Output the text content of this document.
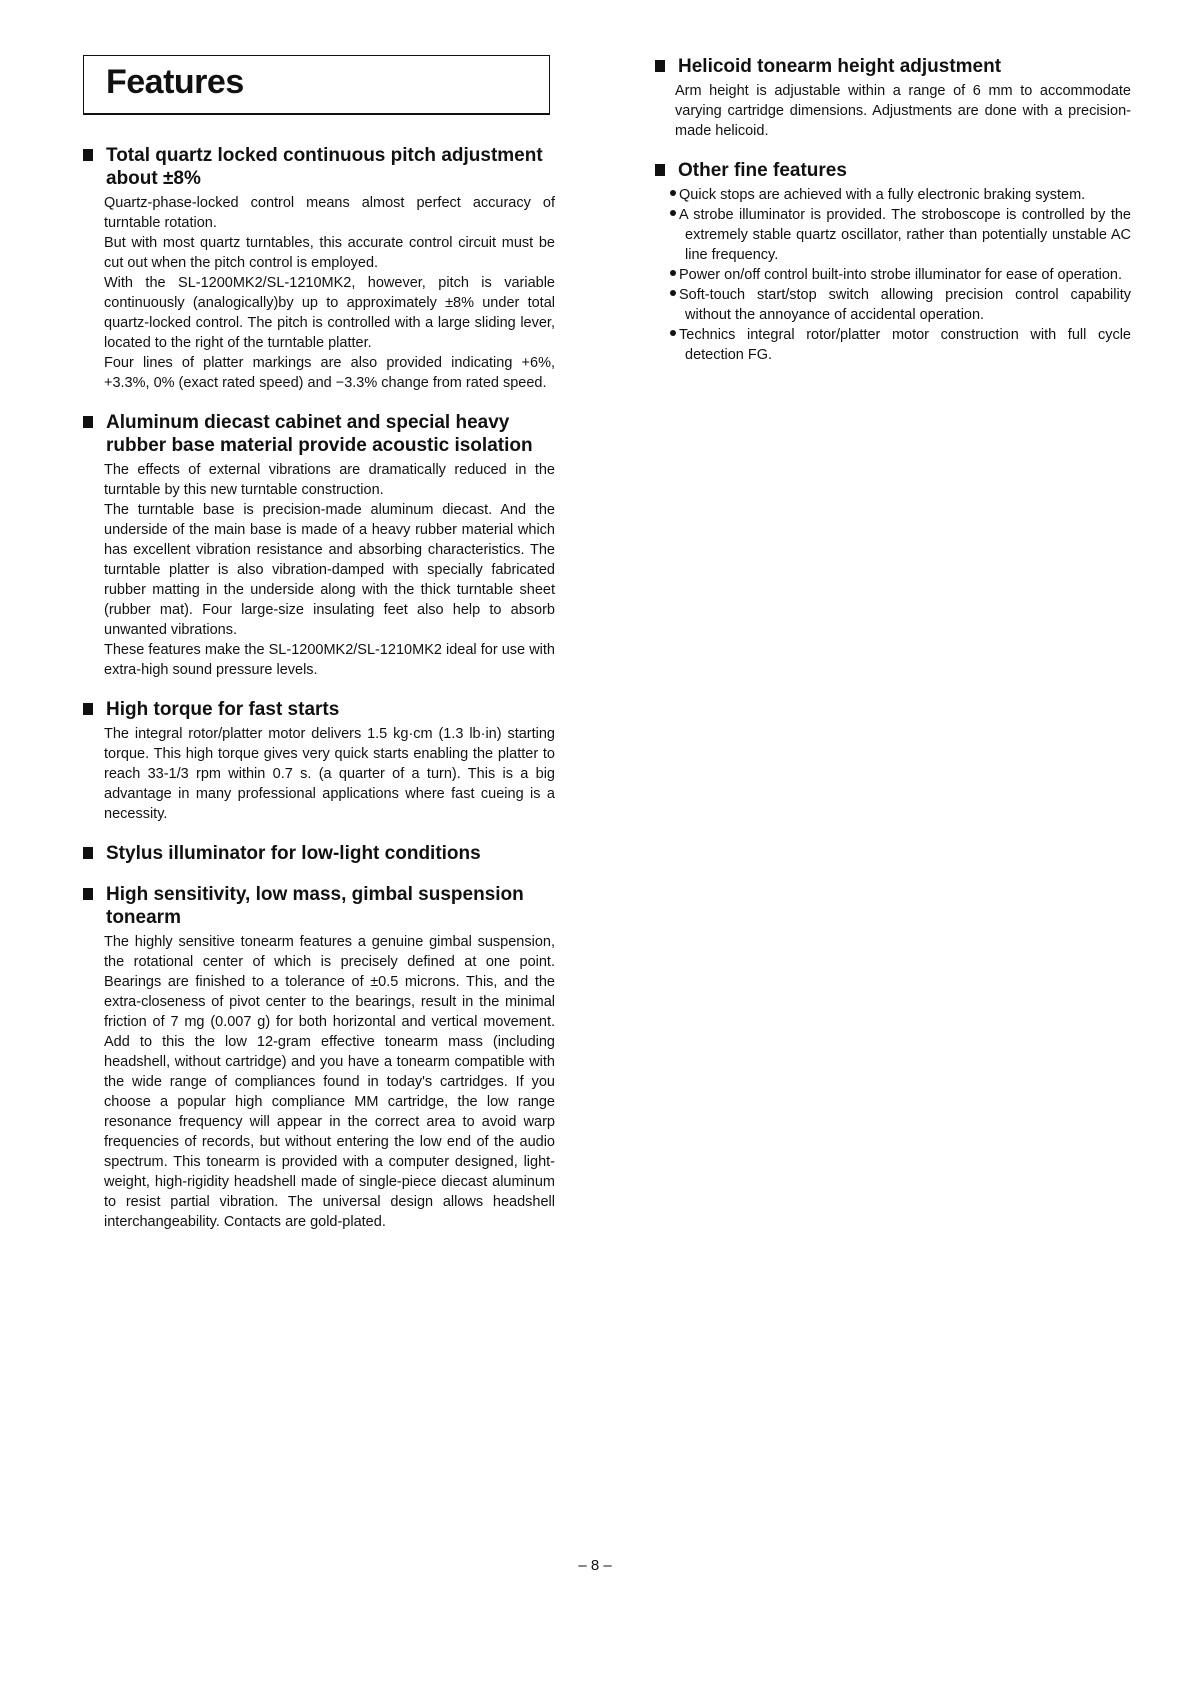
Features
Total quartz locked continuous pitch adjustment about ±8%

Quartz-phase-locked control means almost perfect accuracy of turntable rotation.

But with most quartz turntables, this accurate control circuit must be cut out when the pitch control is employed.

With the SL-1200MK2/SL-1210MK2, however, pitch is variable continuously (analogically)by up to approximately ±8% under total quartz-locked control. The pitch is controlled with a large sliding lever, located to the right of the turntable platter.

Four lines of platter markings are also provided indicating +6%, +3.3%, 0% (exact rated speed) and −3.3% change from rated speed.

Aluminum diecast cabinet and special heavy rubber base material provide acoustic isolation

The effects of external vibrations are dramatically reduced in the turntable by this new turntable construction.

The turntable base is precision-made aluminum diecast. And the underside of the main base is made of a heavy rubber material which has excellent vibration resistance and absorbing characteristics. The turntable platter is also vibration-damped with specially fabricated rubber matting in the underside along with the thick turntable sheet (rubber mat). Four large-size insulating feet also help to absorb unwanted vibrations.

These features make the SL-1200MK2/SL-1210MK2 ideal for use with extra-high sound pressure levels.

High torque for fast starts

The integral rotor/platter motor delivers 1.5 kg·cm (1.3 lb·in) starting torque. This high torque gives very quick starts enabling the platter to reach 33-1/3 rpm within 0.7 s. (a quarter of a turn). This is a big advantage in many professional applications where fast cueing is a necessity.

Stylus illuminator for low-light conditions
High sensitivity, low mass, gimbal suspension tonearm

The highly sensitive tonearm features a genuine gimbal suspension, the rotational center of which is precisely defined at one point. Bearings are finished to a tolerance of ±0.5 microns. This, and the extra-closeness of pivot center to the bearings, result in the minimal friction of 7 mg (0.007 g) for both horizontal and vertical movement. Add to this the low 12-gram effective tonearm mass (including headshell, without cartridge) and you have a tonearm compatible with the wide range of compliances found in today's cartridges. If you choose a popular high compliance MM cartridge, the low range resonance frequency will appear in the correct area to avoid warp frequencies of records, but without entering the low end of the audio spectrum. This tonearm is provided with a computer designed, light-weight, high-rigidity headshell made of single-piece diecast aluminum to resist partial vibration. The universal design allows headshell interchangeability. Contacts are gold-plated.

Helicoid tonearm height adjustment

Arm height is adjustable within a range of 6 mm to accommodate varying cartridge dimensions. Adjustments are done with a precision-made helicoid.

Other fine features
Quick stops are achieved with a fully electronic braking system.
A strobe illuminator is provided. The stroboscope is controlled by the extremely stable quartz oscillator, rather than potentially unstable AC line frequency.
Power on/off control built-into strobe illuminator for ease of operation.
Soft-touch start/stop switch allowing precision control capability without the annoyance of accidental operation.
Technics integral rotor/platter motor construction with full cycle detection FG.
– 8 –
